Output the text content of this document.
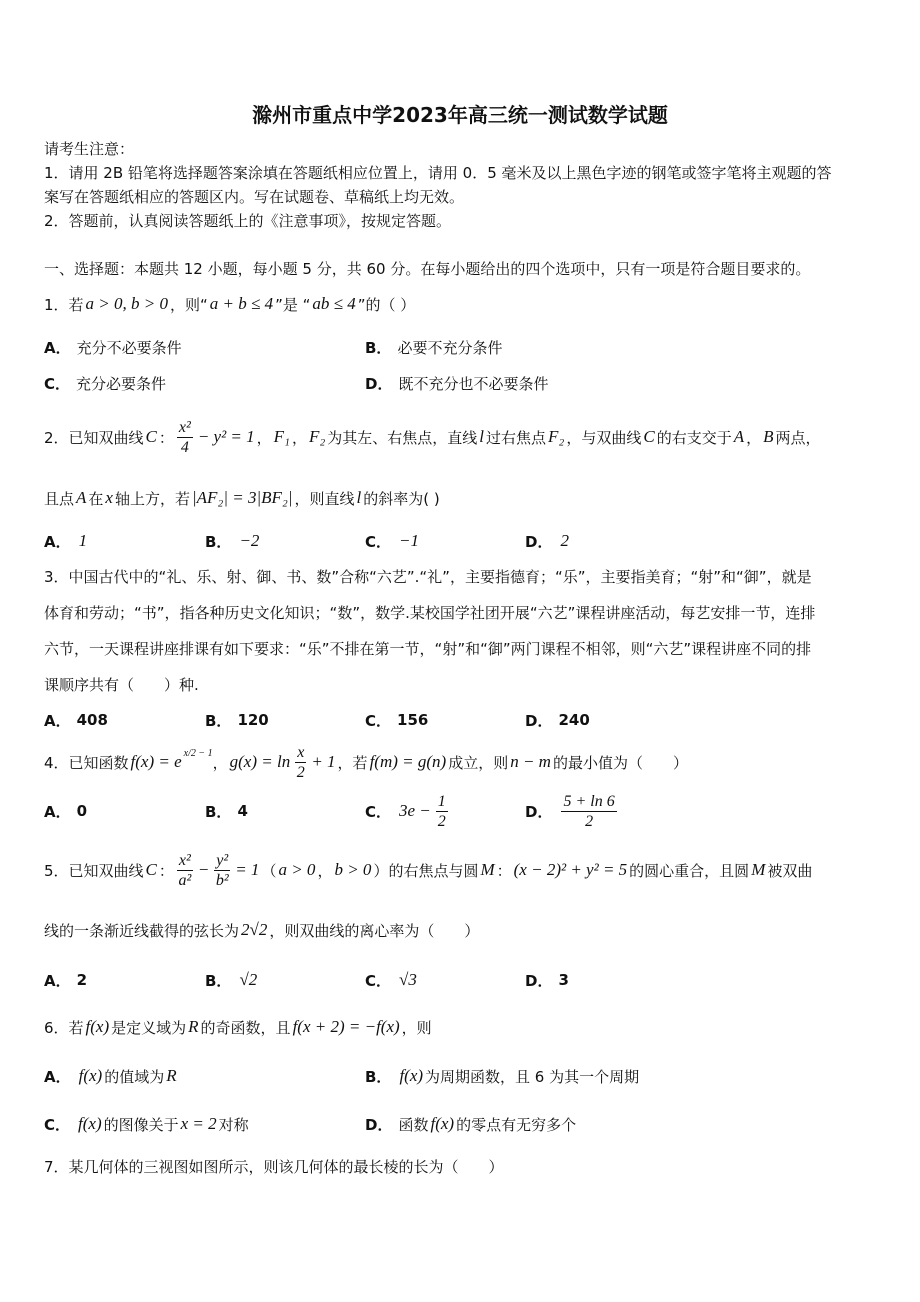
滁州市重点中学2023年高三统一测试数学试题
请考生注意：
1．请用 2B 铅笔将选择题答案涂填在答题纸相应位置上，请用 0．5 毫米及以上黑色字迹的钢笔或签字笔将主观题的答
案写在答题纸相应的答题区内。写在试题卷、草稿纸上均无效。
2．答题前，认真阅读答题纸上的《注意事项》，按规定答题。
一、选择题：本题共 12 小题，每小题 5 分，共 60 分。在每小题给出的四个选项中，只有一项是符合题目要求的。
1．若 a > 0, b > 0 ，则“ a + b ≤ 4 ”是 “ ab ≤ 4 ”的（ ）
A． 充分不必要条件	B． 必要不充分条件
C． 充分必要条件	D． 既不充分也不必要条件
2．已知双曲线 C ： $\frac{\text{x²}}{4} - y^2 = 1$ ， F₁ ， F₂ 为其左、右焦点，直线 l 过右焦点 F₂ ，与双曲线 C 的右支交于 A ， B 两点，
且点 A 在 x 轴上方，若 |AF₂| = 3|BF₂| ，则直线 l 的斜率为( )
A． 1	B． −2	C． −1	D． 2
3．中国古代中的“礼、乐、射、御、书、数”合称“六艺”.“礼”，主要指德育；“乐”，主要指美育；“射”和“御”，就是
体育和劳动；“书”，指各种历史文化知识；“数”，数学.某校国学社团开展“六艺”课程讲座活动，每艺安排一节，连排
六节，一天课程讲座排课有如下要求：“乐”不排在第一节，“射”和“御”两门课程不相邻，则“六艺”课程讲座不同的排
课顺序共有（　　）种.
A． 408	B． 120	C． 156	D． 240
4．已知函数 f(x) = e x/2 − 1
， $g(x) = \ln \frac{x}{2} + 1$ ，若 f(m) = g(n) 成立，则 n − m 的最小值为（　　）
A． 0	B． 4	C． $3e - \frac{1}{2}$	D． $\frac{5 + \ln 6}{2}$
5．已知双曲线 C ： $\frac{\text{x²}}{\text{a²}} - \frac{\text{y²}}{\text{b²}} = 1$ （ a > 0 ， b > 0 ）的右焦点与圆 M ： (x − 2)² + y² = 5 的圆心重合，且圆 M 被双曲
线的一条渐近线截得的弦长为 2√2 ，则双曲线的离心率为（　　）
A． 2	B． √2	C． √3	D． 3
6．若 f(x) 是定义域为 R 的奇函数，且 f(x + 2) = −f(x) ，则
A． f(x) 的值域为 R	B． f(x) 为周期函数，且 6 为其一个周期
C． f(x) 的图像关于 x = 2 对称	D． 函数 f(x) 的零点有无穷多个
7．某几何体的三视图如图所示，则该几何体的最长棱的长为（　　）
